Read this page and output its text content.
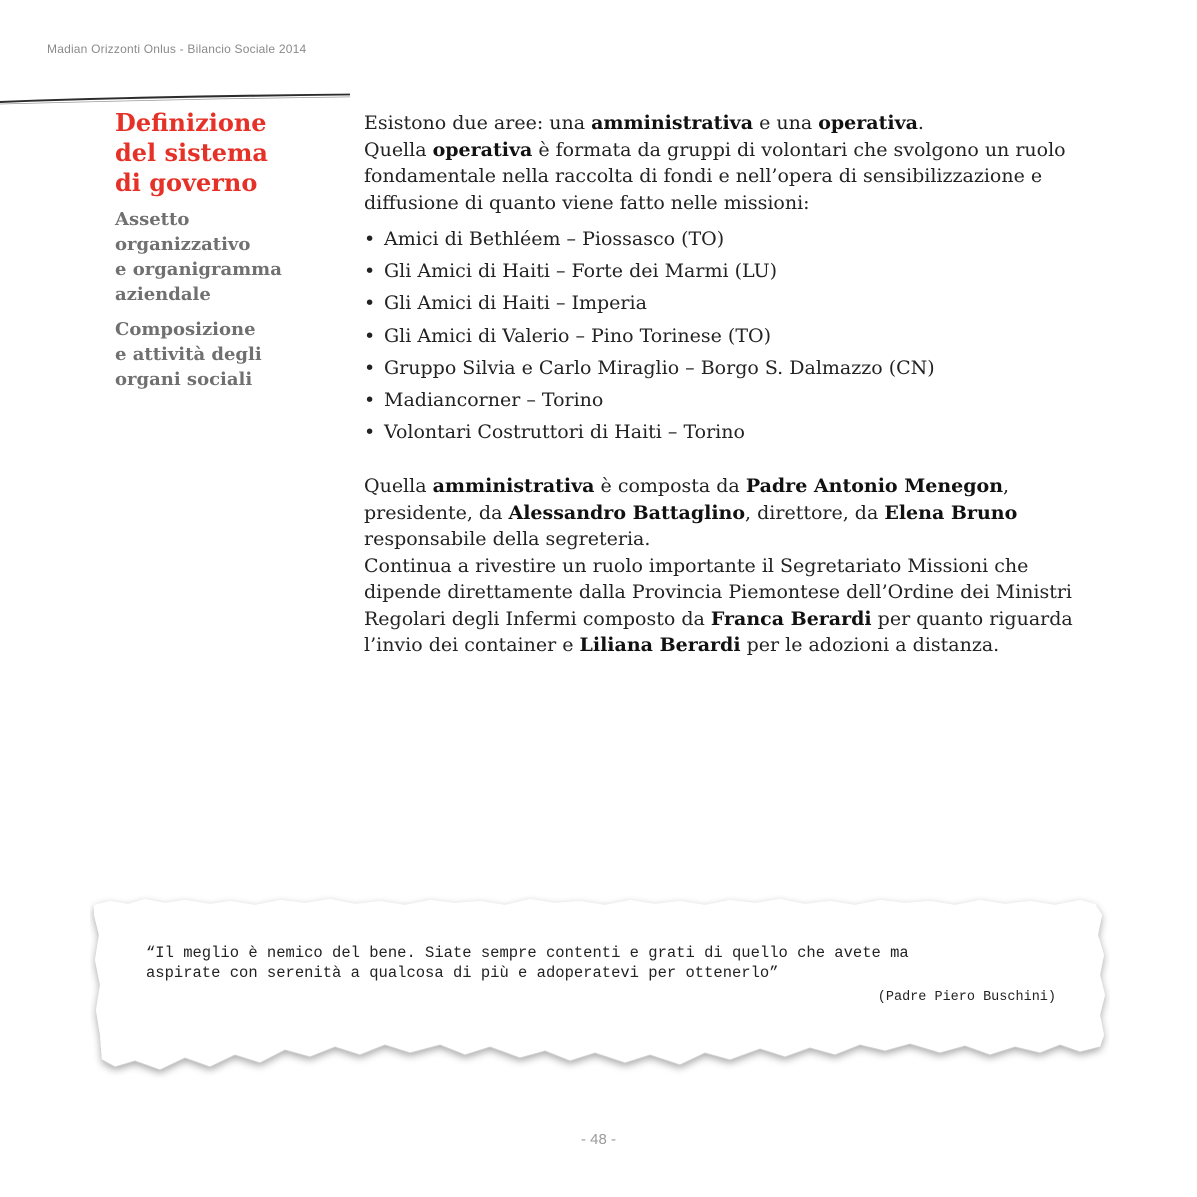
Madian Orizzonti Onlus - Bilancio Sociale 2014
Definizione
del sistema
di governo
Assetto
organizzativo
e organigramma
aziendale
Composizione
e attività degli
organi sociali

Esistono due aree: una amministrativa e una operativa.
Quella operativa è formata da gruppi di volontari che svolgono un ruolo fondamentale nella raccolta di fondi e nell’opera di sensibilizzazione e diffusione di quanto viene fatto nelle missioni:

• Amici di Bethléem – Piossasco (TO)
• Gli Amici di Haiti – Forte dei Marmi (LU)
• Gli Amici di Haiti – Imperia
• Gli Amici di Valerio – Pino Torinese (TO)
• Gruppo Silvia e Carlo Miraglio – Borgo S. Dalmazzo (CN)
• Madiancorner – Torino
• Volontari Costruttori di Haiti – Torino

Quella amministrativa è composta da Padre Antonio Menegon, presidente, da Alessandro Battaglino, direttore, da Elena Bruno responsabile della segreteria.

Continua a rivestire un ruolo importante il Segretariato Missioni che dipende direttamente dalla Provincia Piemontese dell’Ordine dei Ministri Regolari degli Infermi composto da Franca Berardi per quanto riguarda l’invio dei container e Liliana Berardi per le adozioni a distanza.

“Il meglio è nemico del bene. Siate sempre contenti e grati di quello che avete ma
aspirate con serenità a qualcosa di più e adoperatevi per ottenerlo”
(Padre Piero Buschini)
- 48 -
